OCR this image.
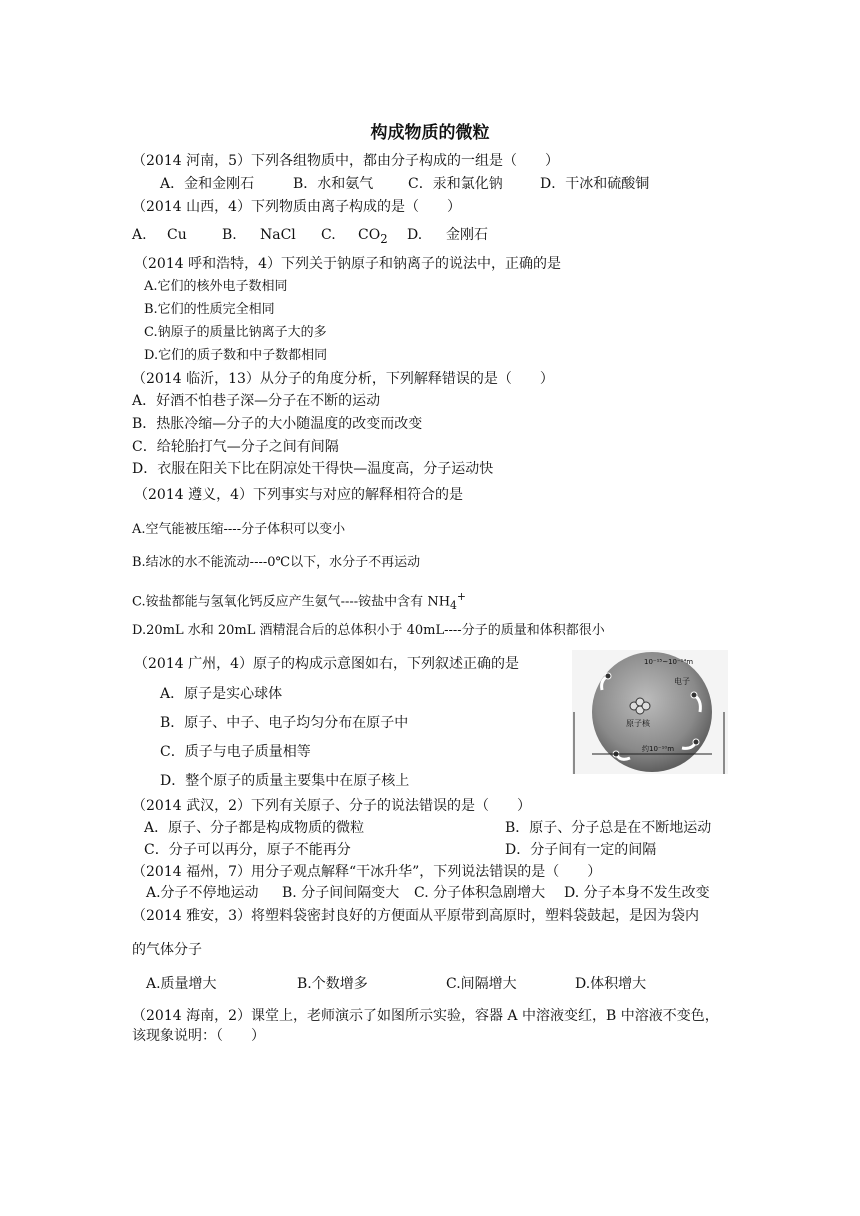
构成物质的微粒
（2014 河南，5）下列各组物质中，都由分子构成的一组是（　　）
A．金和金刚石	B．水和氨气 C．汞和氯化钠	D．干冰和硫酸铜
（2014 山西，4）下列物质由离子构成的是（　　）
A. Cu	B. NaCl C. $CO_2$ D. 金刚石
（2014 呼和浩特，4）下列关于钠原子和钠离子的说法中，正确的是
A.它们的核外电子数相同
B.它们的性质完全相同
C.钠原子的质量比钠离子大的多
D.它们的质子数和中子数都相同
（2014 临沂，13）从分子的角度分析，下列解释错误的是（　　）
A．好酒不怕巷子深—分子在不断的运动
B．热胀冷缩—分子的大小随温度的改变而改变
C．给轮胎打气—分子之间有间隔
D．衣服在阳关下比在阴凉处干得快—温度高，分子运动快
（2014 遵义，4）下列事实与对应的解释相符合的是
A.空气能被压缩----分子体积可以变小
B.结冰的水不能流动----0℃以下，水分子不再运动
C.铵盐都能与氢氧化钙反应产生氨气----铵盐中含有 $NH_4^+$
D.20mL 水和 20mL 酒精混合后的总体积小于 40mL----分子的质量和体积都很小
（2014 广州，4）原子的构成示意图如右，下列叙述正确的是
A．原子是实心球体
B．原子、中子、电子均匀分布在原子中
C．质子与电子质量相等
D．整个原子的质量主要集中在原子核上
10⁻¹⁵~10⁻¹⁴m
电子
原子核
约10⁻¹⁰m
（2014 武汉，2）下列有关原子、分子的说法错误的是（　　）
A．原子、分子都是构成物质的微粒	B．原子、分子总是在不断地运动
C．分子可以再分，原子不能再分	D．分子间有一定的间隔
（2014 福州，7）用分子观点解释“干冰升华”，下列说法错误的是（　　）
A.分子不停地运动 B. 分子间间隔变大 C. 分子体积急剧增大 D. 分子本身不发生改变
（2014 雅安，3）将塑料袋密封良好的方便面从平原带到高原时，塑料袋鼓起，是因为袋内
的气体分子
A.质量增大	B.个数增多	C.间隔增大	D.体积增大
（2014 海南，2）课堂上，老师演示了如图所示实验，容器 A 中溶液变红，B 中溶液不变色，
该现象说明：（　　）
